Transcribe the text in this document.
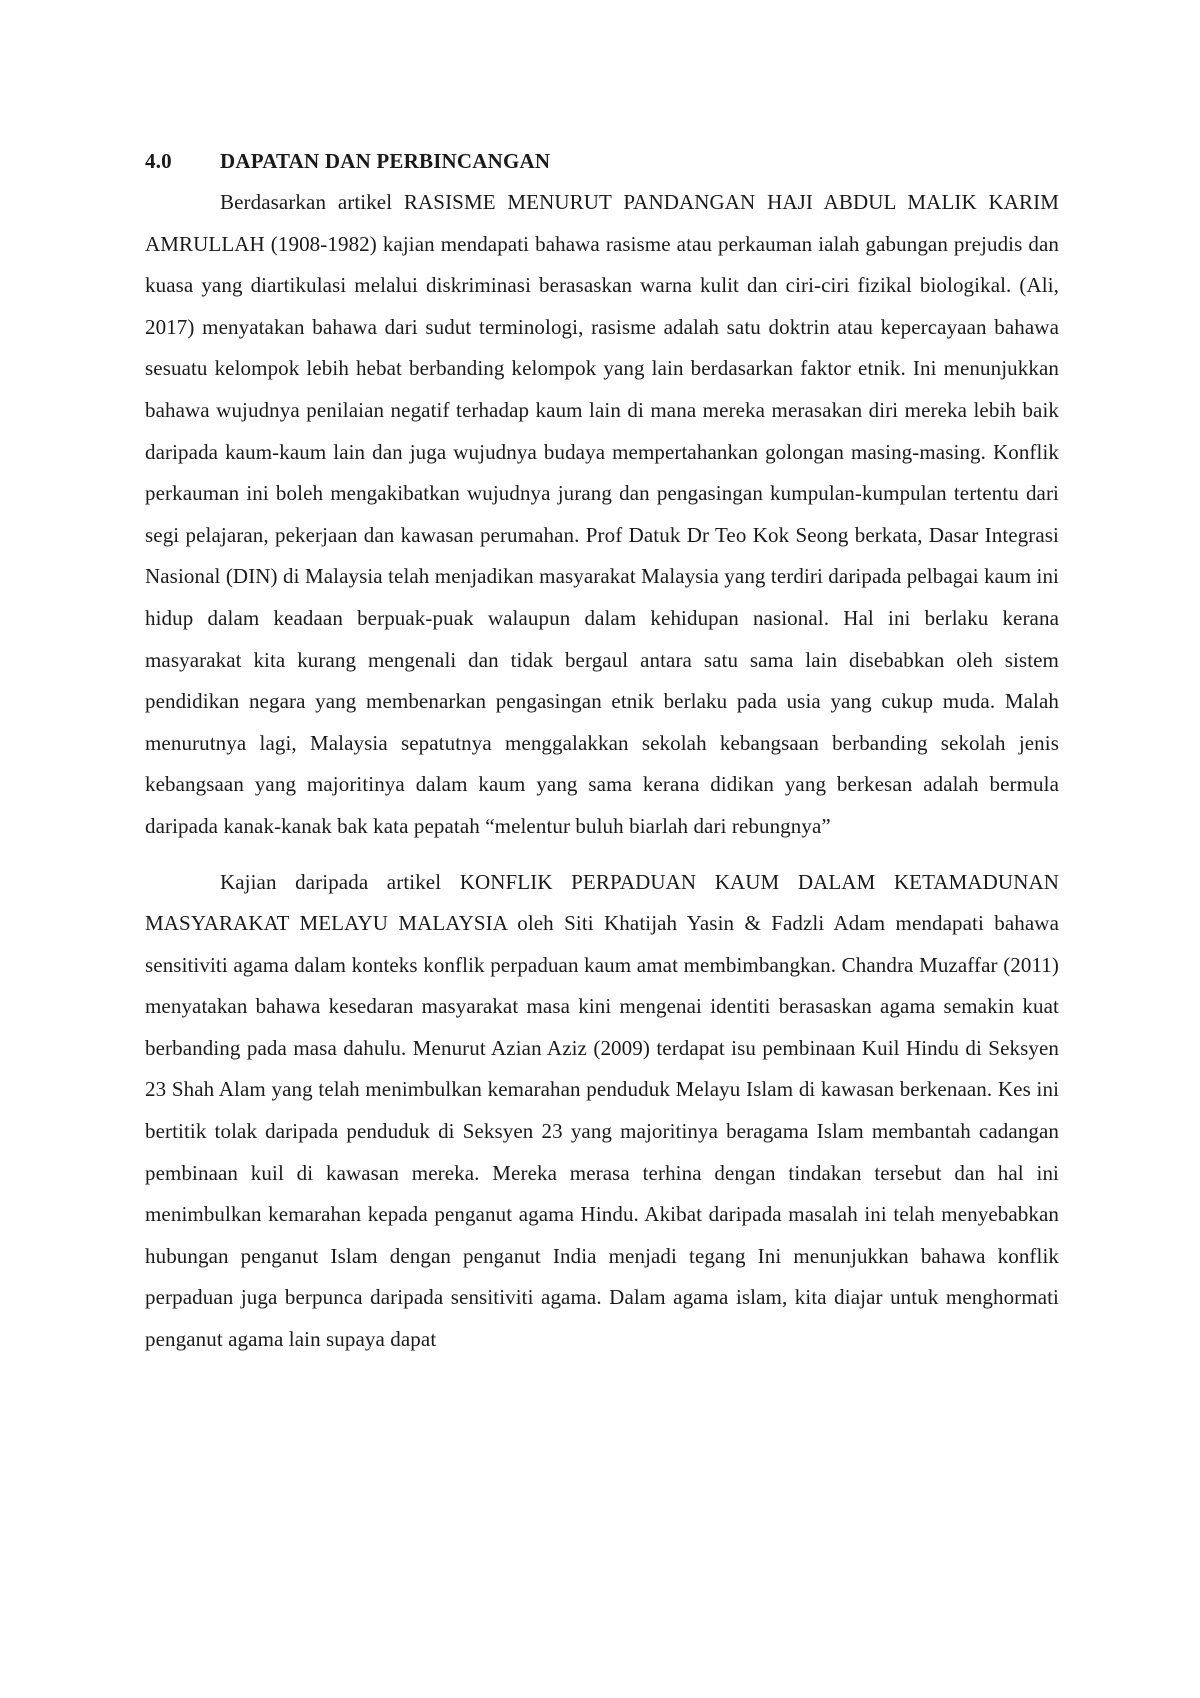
4.0	DAPATAN DAN PERBINCANGAN

Berdasarkan artikel RASISME MENURUT PANDANGAN HAJI ABDUL MALIK KARIM AMRULLAH (1908-1982) kajian mendapati bahawa rasisme atau perkauman ialah gabungan prejudis dan kuasa yang diartikulasi melalui diskriminasi berasaskan warna kulit dan ciri-ciri fizikal biologikal. (Ali, 2017) menyatakan bahawa dari sudut terminologi, rasisme adalah satu doktrin atau kepercayaan bahawa sesuatu kelompok lebih hebat berbanding kelompok yang lain berdasarkan faktor etnik. Ini menunjukkan bahawa wujudnya penilaian negatif terhadap kaum lain di mana mereka merasakan diri mereka lebih baik daripada kaum-kaum lain dan juga wujudnya budaya mempertahankan golongan masing-masing. Konflik perkauman ini boleh mengakibatkan wujudnya jurang dan pengasingan kumpulan-kumpulan tertentu dari segi pelajaran, pekerjaan dan kawasan perumahan. Prof Datuk Dr Teo Kok Seong berkata, Dasar Integrasi Nasional (DIN) di Malaysia telah menjadikan masyarakat Malaysia yang terdiri daripada pelbagai kaum ini hidup dalam keadaan berpuak-puak walaupun dalam kehidupan nasional. Hal ini berlaku kerana masyarakat kita kurang mengenali dan tidak bergaul antara satu sama lain disebabkan oleh sistem pendidikan negara yang membenarkan pengasingan etnik berlaku pada usia yang cukup muda. Malah menurutnya lagi, Malaysia sepatutnya menggalakkan sekolah kebangsaan berbanding sekolah jenis kebangsaan yang majoritinya dalam kaum yang sama kerana didikan yang berkesan adalah bermula daripada kanak-kanak bak kata pepatah “melentur buluh biarlah dari rebungnya”

Kajian daripada artikel KONFLIK PERPADUAN KAUM DALAM KETAMADUNAN MASYARAKAT MELAYU MALAYSIA oleh Siti Khatijah Yasin & Fadzli Adam mendapati bahawa sensitiviti agama dalam konteks konflik perpaduan kaum amat membimbangkan. Chandra Muzaffar (2011) menyatakan bahawa kesedaran masyarakat masa kini mengenai identiti berasaskan agama semakin kuat berbanding pada masa dahulu. Menurut Azian Aziz (2009) terdapat isu pembinaan Kuil Hindu di Seksyen 23 Shah Alam yang telah menimbulkan kemarahan penduduk Melayu Islam di kawasan berkenaan. Kes ini bertitik tolak daripada penduduk di Seksyen 23 yang majoritinya beragama Islam membantah cadangan pembinaan kuil di kawasan mereka. Mereka merasa terhina dengan tindakan tersebut dan hal ini menimbulkan kemarahan kepada penganut agama Hindu. Akibat daripada masalah ini telah menyebabkan hubungan penganut Islam dengan penganut India menjadi tegang Ini menunjukkan bahawa konflik perpaduan juga berpunca daripada sensitiviti agama. Dalam agama islam, kita diajar untuk menghormati penganut agama lain supaya dapat
